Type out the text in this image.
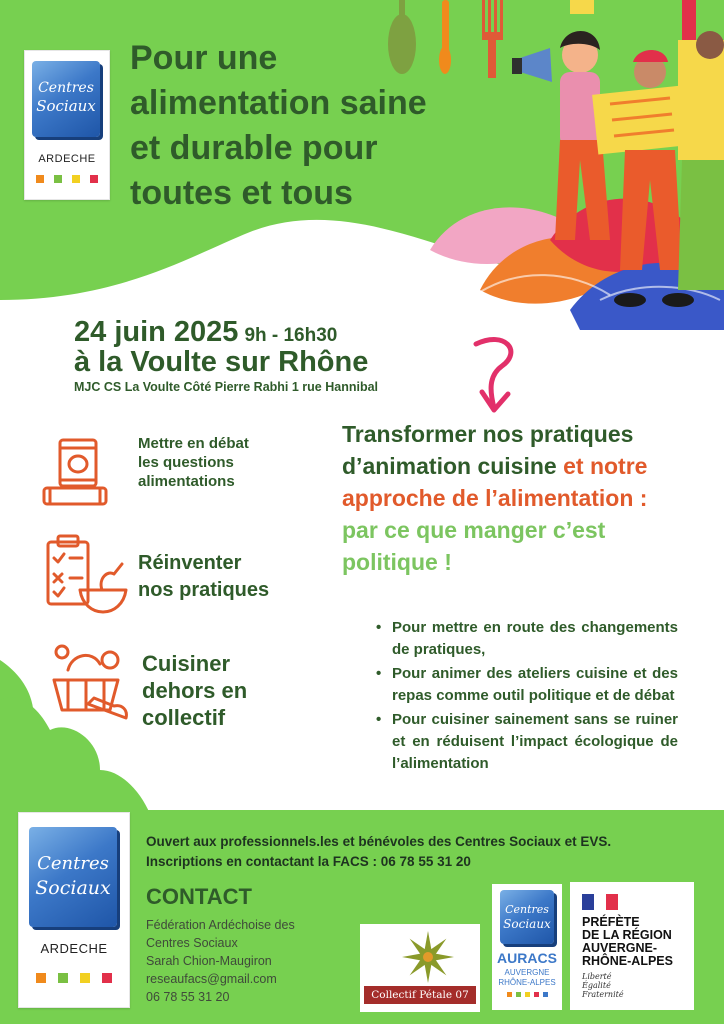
Centres
Sociaux
ARDECHE
Pour une
alimentation saine
et durable pour
toutes et tous
24 juin 2025 9h - 16h30
à la Voulte sur Rhône
MJC CS La Voulte Côté Pierre Rabhi 1 rue Hannibal
Mettre en débat
les questions
alimentations
Réinventer
nos pratiques
Cuisiner
dehors en
collectif
Transformer nos pratiques d’animation cuisine et notre approche de l’alimentation : par ce que manger c’est politique !
• Pour mettre en route des changements de pratiques,
• Pour animer des ateliers cuisine et des repas comme outil politique et de débat
• Pour cuisiner sainement sans se ruiner et en réduisent l’impact écologique de l’alimentation
Centres
Sociaux
ARDECHE
Ouvert aux professionnels.les et bénévoles des Centres Sociaux et EVS.
Inscriptions en contactant la FACS : 06 78 55 31 20
CONTACT
Fédération Ardéchoise des
Centres Sociaux
Sarah Chion-Maugiron
reseaufacs@gmail.com
06 78 55 31 20	Collectif Pétale 07
Centres
Sociaux
AURACS
AUVERGNE
RHÔNE-ALPES
PRÉFÈTE
DE LA RÉGION
AUVERGNE-
RHÔNE-ALPES
Liberté
Égalité
Fraternité
